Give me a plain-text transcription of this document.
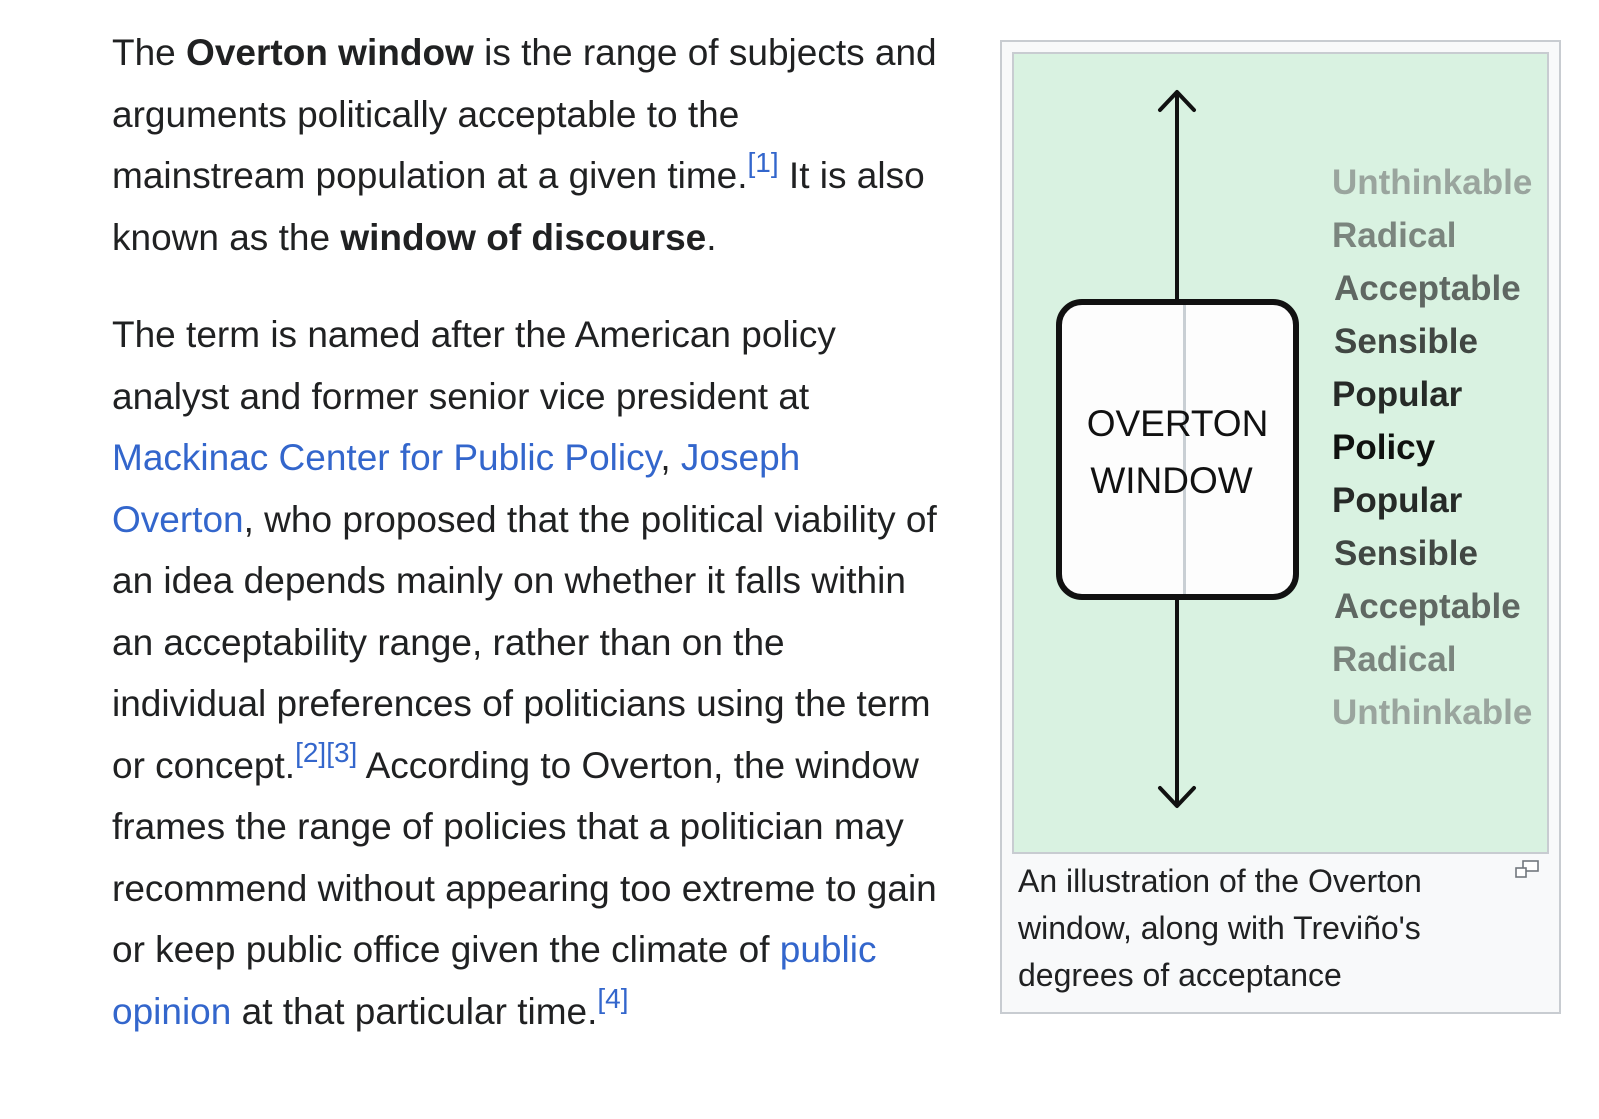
The Overton window is the range of subjects and arguments politically acceptable to the mainstream population at a given time.[1] It is also known as the window of discourse.

The term is named after the American policy analyst and former senior vice president at Mackinac Center for Public Policy, Joseph Overton, who proposed that the political viability of an idea depends mainly on whether it falls within an acceptability range, rather than on the individual preferences of politicians using the term or concept.[2][3] According to Overton, the window frames the range of policies that a politician may recommend without appearing too extreme to gain or keep public office given the climate of public opinion at that particular time.[4]

OVERTON
WINDOW
Unthinkable
Radical
Acceptable
Sensible
Popular
Policy
Popular
Sensible
Acceptable
Radical
Unthinkable
An illustration of the Overton window, along with Treviño's degrees of acceptance
